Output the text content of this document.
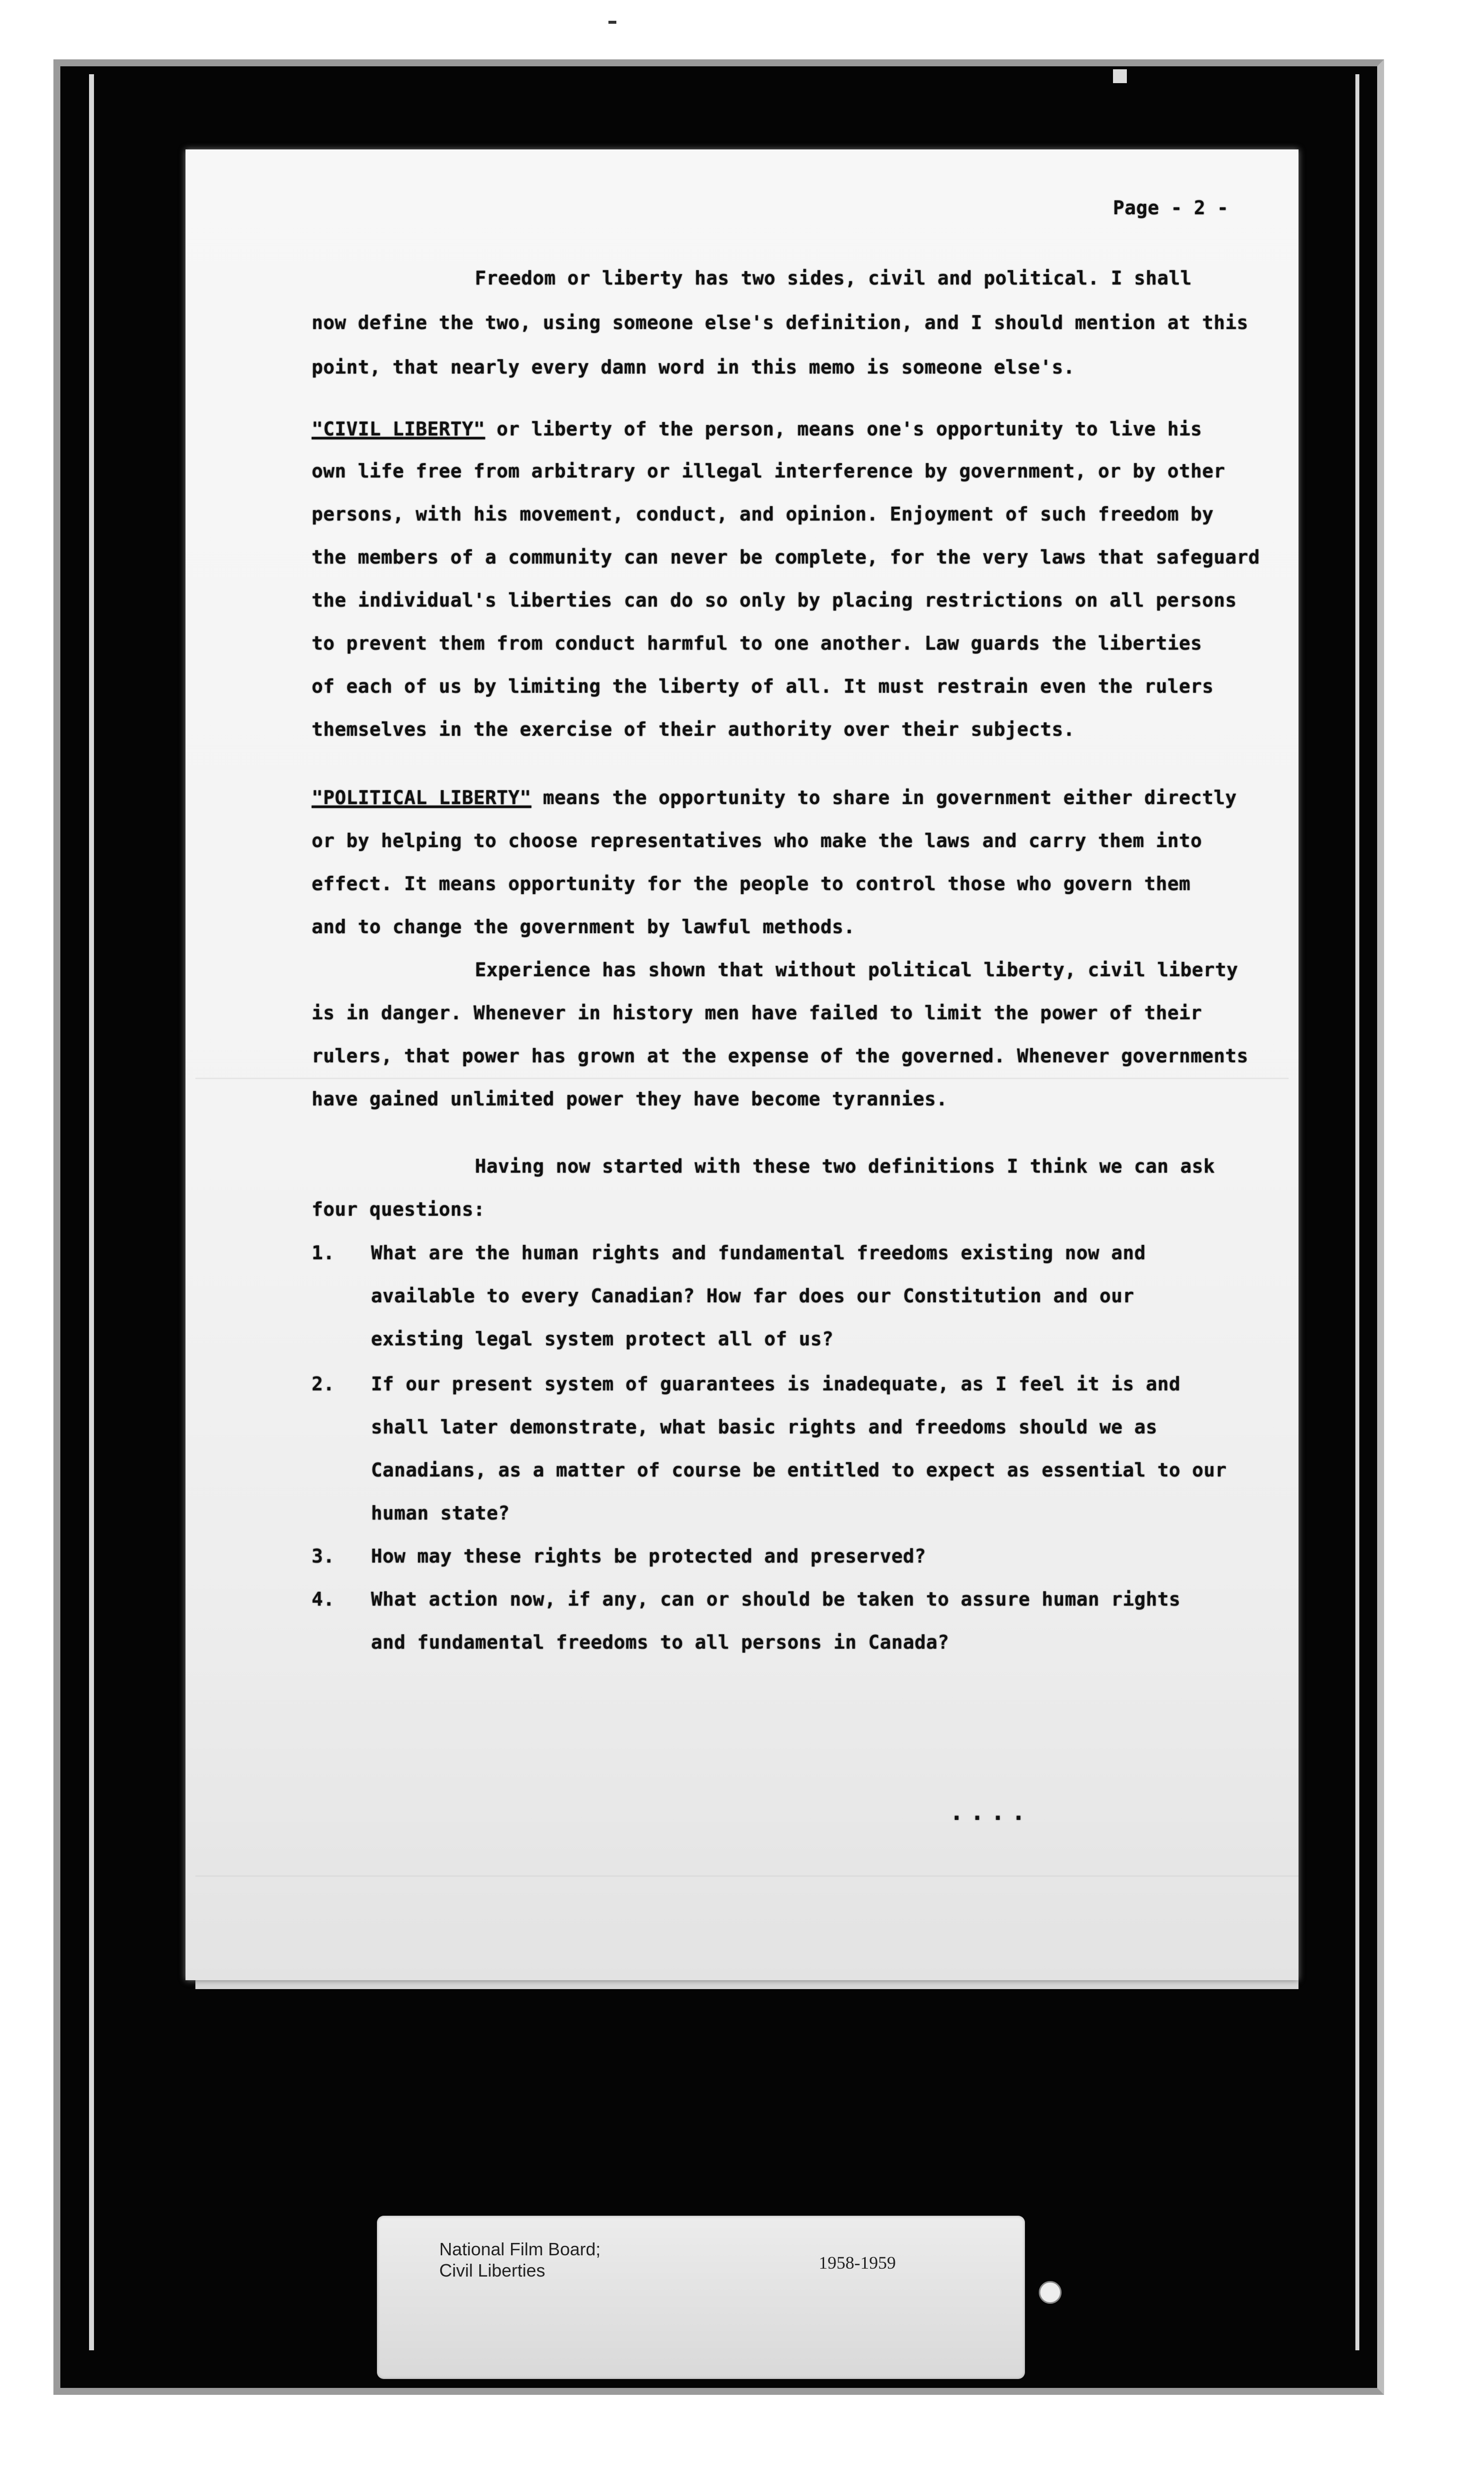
Page - 2 -
Freedom or liberty has two sides, civil and political. I shall
now define the two, using someone else's definition, and I should mention at this
point, that nearly every damn word in this memo is someone else's.
"CIVIL LIBERTY" or liberty of the person, means one's opportunity to live his
own life free from arbitrary or illegal interference by government, or by other
persons, with his movement, conduct, and opinion. Enjoyment of such freedom by
the members of a community can never be complete, for the very laws that safeguard
the individual's liberties can do so only by placing restrictions on all persons
to prevent them from conduct harmful to one another. Law guards the liberties
of each of us by limiting the liberty of all. It must restrain even the rulers
themselves in the exercise of their authority over their subjects.
"POLITICAL LIBERTY" means the opportunity to share in government either directly
or by helping to choose representatives who make the laws and carry them into
effect. It means opportunity for the people to control those who govern them
and to change the government by lawful methods.
Experience has shown that without political liberty, civil liberty
is in danger. Whenever in history men have failed to limit the power of their
rulers, that power has grown at the expense of the governed. Whenever governments
have gained unlimited power they have become tyrannies.
Having now started with these two definitions I think we can ask
four questions:
1. What are the human rights and fundamental freedoms existing now and
available to every Canadian? How far does our Constitution and our
existing legal system protect all of us?
2. If our present system of guarantees is inadequate, as I feel it is and
shall later demonstrate, what basic rights and freedoms should we as
Canadians, as a matter of course be entitled to expect as essential to our
human state?
3. How may these rights be protected and preserved?
4. What action now, if any, can or should be taken to assure human rights
and fundamental freedoms to all persons in Canada?
....
National Film Board;
Civil Liberties	1958-1959
